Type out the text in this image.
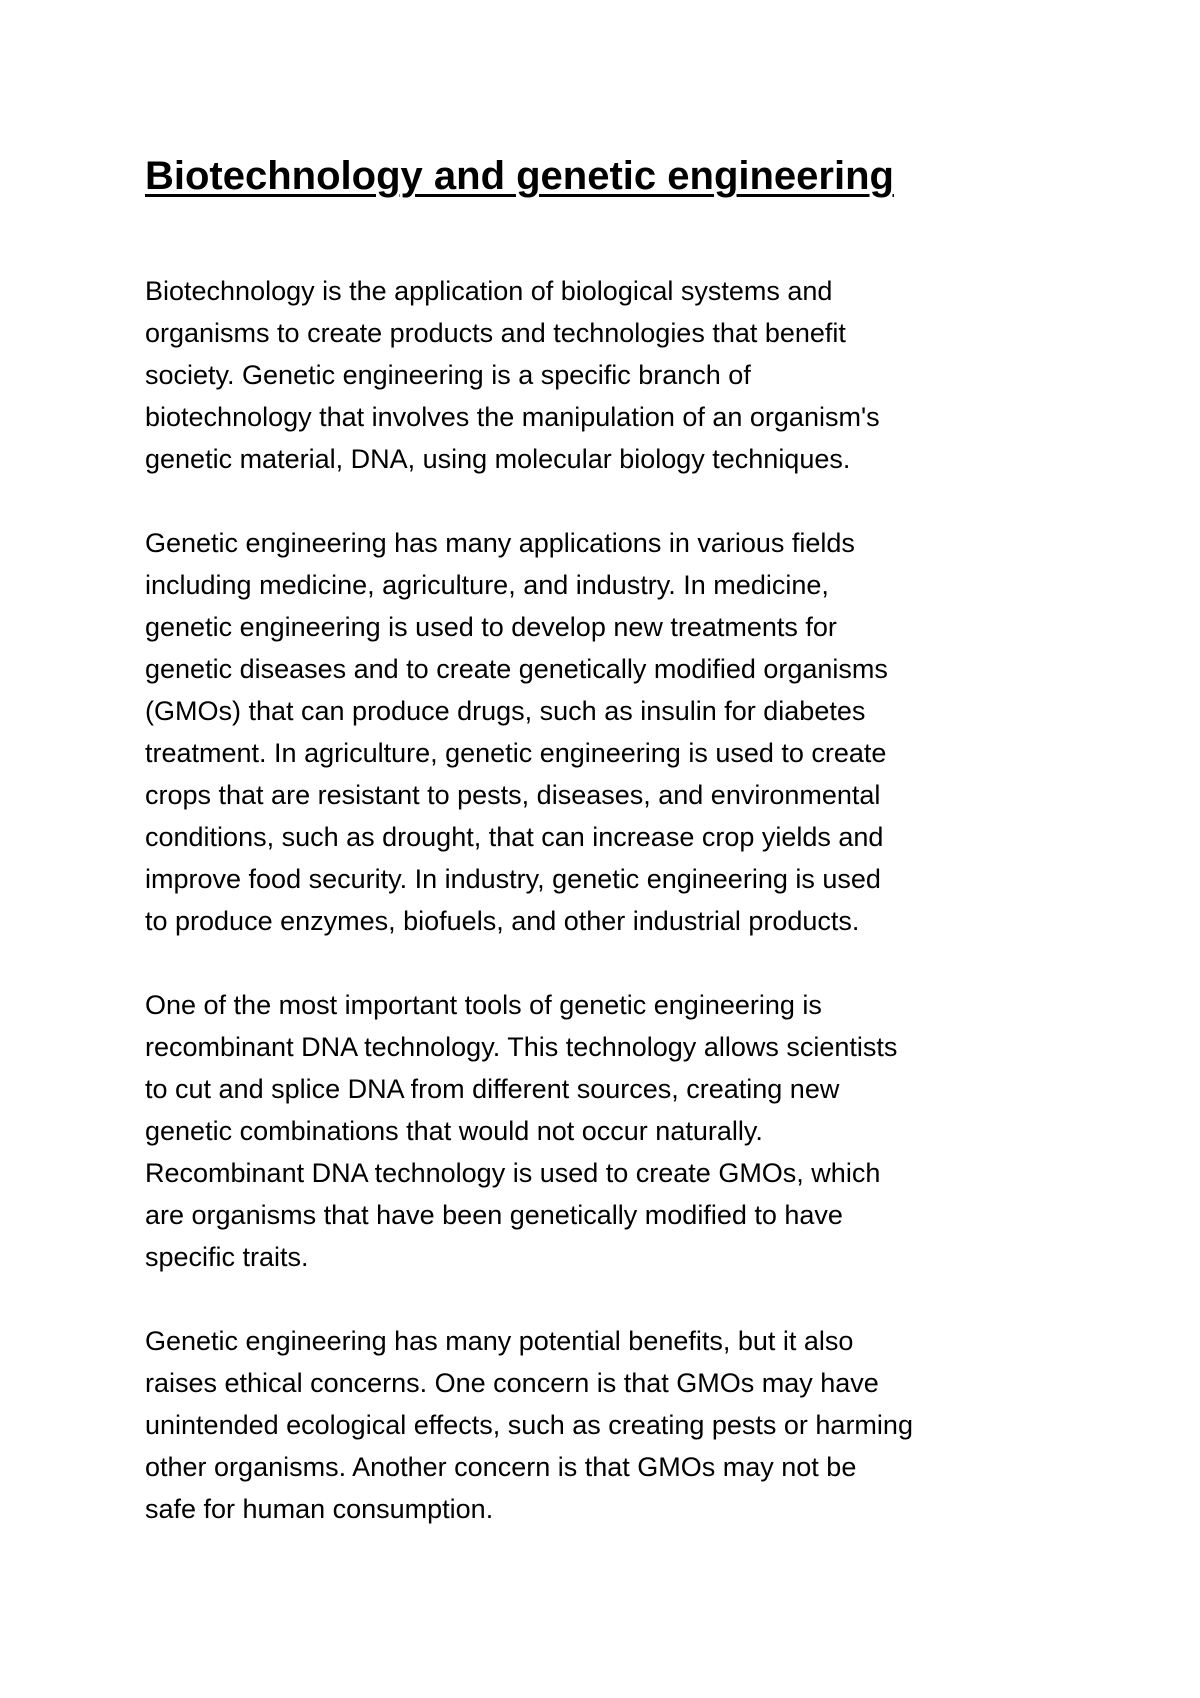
Biotechnology and genetic engineering

Biotechnology is the application of biological systems and
organisms to create products and technologies that benefit
society. Genetic engineering is a specific branch of
biotechnology that involves the manipulation of an organism's
genetic material, DNA, using molecular biology techniques.

Genetic engineering has many applications in various fields
including medicine, agriculture, and industry. In medicine,
genetic engineering is used to develop new treatments for
genetic diseases and to create genetically modified organisms
(GMOs) that can produce drugs, such as insulin for diabetes
treatment. In agriculture, genetic engineering is used to create
crops that are resistant to pests, diseases, and environmental
conditions, such as drought, that can increase crop yields and
improve food security. In industry, genetic engineering is used
to produce enzymes, biofuels, and other industrial products.

One of the most important tools of genetic engineering is
recombinant DNA technology. This technology allows scientists
to cut and splice DNA from different sources, creating new
genetic combinations that would not occur naturally.
Recombinant DNA technology is used to create GMOs, which
are organisms that have been genetically modified to have
specific traits.

Genetic engineering has many potential benefits, but it also
raises ethical concerns. One concern is that GMOs may have
unintended ecological effects, such as creating pests or harming
other organisms. Another concern is that GMOs may not be
safe for human consumption.
